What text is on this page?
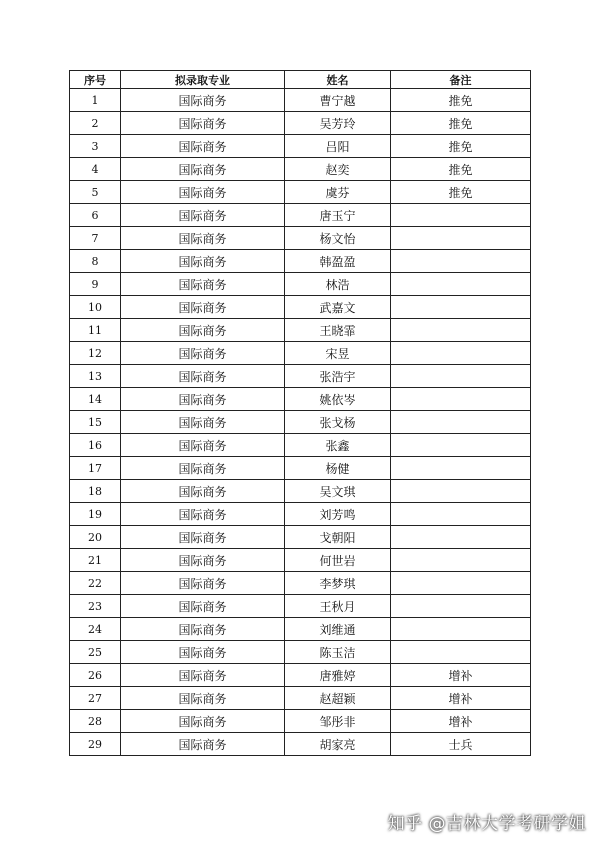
序号	拟录取专业	姓名	备注
1	国际商务	曹宁越	推免
2	国际商务	吴芳玲	推免
3	国际商务	吕阳	推免
4	国际商务	赵奕	推免
5	国际商务	虞芬	推免
6	国际商务	唐玉宁	
7	国际商务	杨文怡	
8	国际商务	韩盈盈	
9	国际商务	林浩	
10	国际商务	武嘉文	
11	国际商务	王晓霏	
12	国际商务	宋昱	
13	国际商务	张浩宇	
14	国际商务	姚依岑	
15	国际商务	张戈杨	
16	国际商务	张鑫	
17	国际商务	杨健	
18	国际商务	吴文琪	
19	国际商务	刘芳鸣	
20	国际商务	戈朝阳	
21	国际商务	何世岩	
22	国际商务	李梦琪	
23	国际商务	王秋月	
24	国际商务	刘维通	
25	国际商务	陈玉洁	
26	国际商务	唐雅婷	增补
27	国际商务	赵超颖	增补
28	国际商务	邹彤非	增补
29	国际商务	胡家亮	士兵
知乎 @吉林大学考研学姐
